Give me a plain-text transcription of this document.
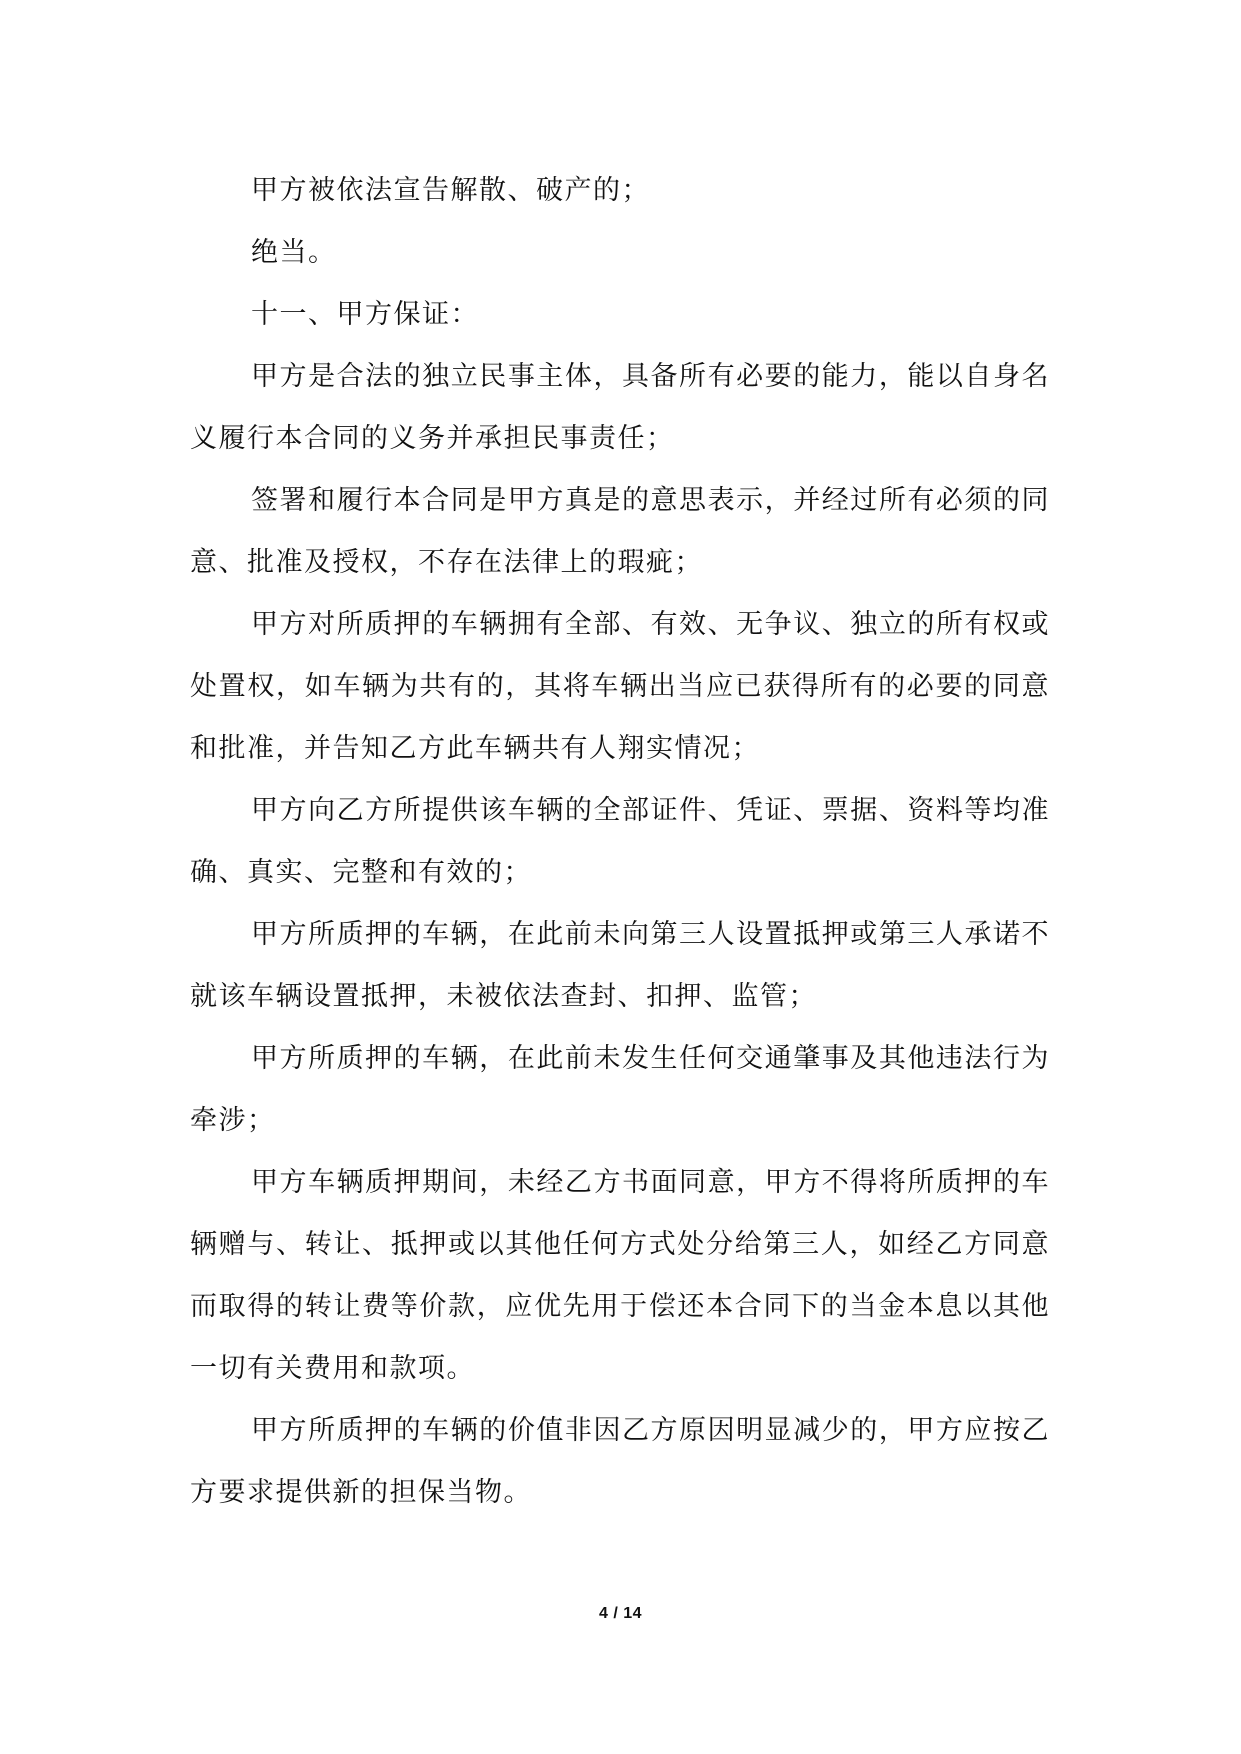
甲方被依法宣告解散、破产的；

绝当。

十一、甲方保证：

甲方是合法的独立民事主体，具备所有必要的能力，能以自身名义履行本合同的义务并承担民事责任；

签署和履行本合同是甲方真是的意思表示，并经过所有必须的同意、批准及授权，不存在法律上的瑕疵；

甲方对所质押的车辆拥有全部、有效、无争议、独立的所有权或处置权，如车辆为共有的，其将车辆出当应已获得所有的必要的同意和批准，并告知乙方此车辆共有人翔实情况；

甲方向乙方所提供该车辆的全部证件、凭证、票据、资料等均准确、真实、完整和有效的；

甲方所质押的车辆，在此前未向第三人设置抵押或第三人承诺不就该车辆设置抵押，未被依法查封、扣押、监管；

甲方所质押的车辆，在此前未发生任何交通肇事及其他违法行为牵涉；

甲方车辆质押期间，未经乙方书面同意，甲方不得将所质押的车辆赠与、转让、抵押或以其他任何方式处分给第三人，如经乙方同意而取得的转让费等价款，应优先用于偿还本合同下的当金本息以其他一切有关费用和款项。

甲方所质押的车辆的价值非因乙方原因明显减少的，甲方应按乙方要求提供新的担保当物。

4 / 14
